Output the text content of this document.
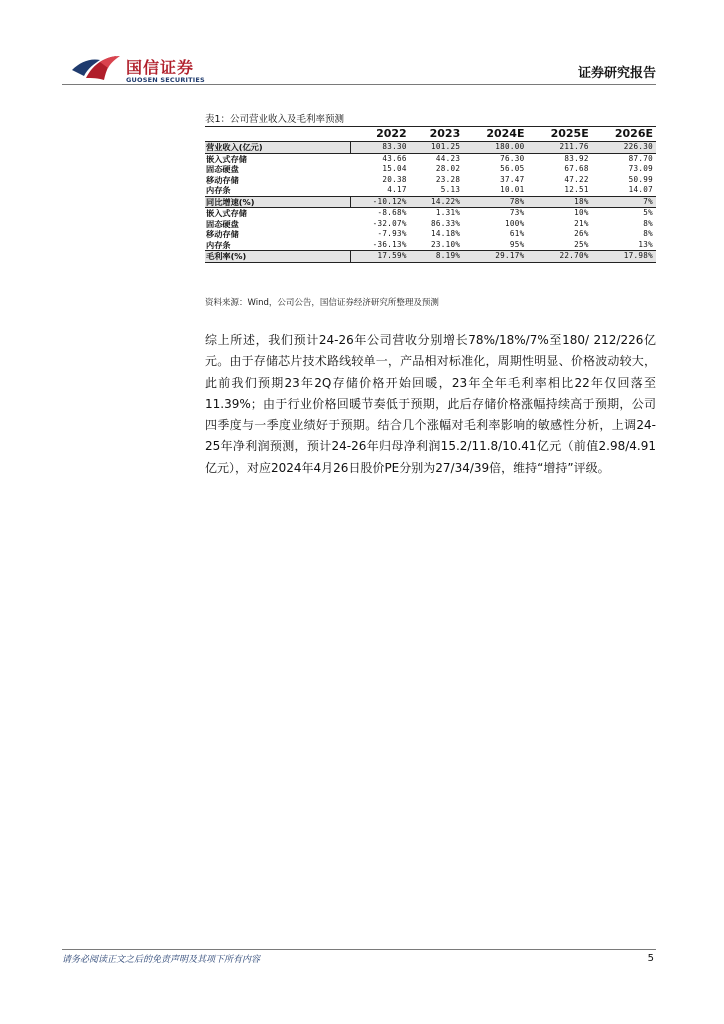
国信证券
GUOSEN SECURITIES	证券研究报告
表1：公司营业收入及毛利率预测
	2022	2023	2024E	2025E	2026E
营业收入(亿元)	83.30	101.25	180.00	211.76	226.30
嵌入式存储	43.66	44.23	76.30	83.92	87.70
固态硬盘	15.04	28.02	56.05	67.68	73.09
移动存储	20.38	23.28	37.47	47.22	50.99
内存条	4.17	5.13	10.01	12.51	14.07
同比增速(%)	-10.12%	14.22%	78%	18%	7%
嵌入式存储	-8.68%	1.31%	73%	10%	5%
固态硬盘	-32.07%	86.33%	100%	21%	8%
移动存储	-7.93%	14.18%	61%	26%	8%
内存条	-36.13%	23.10%	95%	25%	13%
毛利率(%)	17.59%	8.19%	29.17%	22.70%	17.98%
资料来源：Wind，公司公告，国信证券经济研究所整理及预测

综上所述，我们预计24-26年公司营收分别增长78%/18%/7%至180/ 212/226亿元。由于存储芯片技术路线较单一，产品相对标准化，周期性明显、价格波动较大，此前我们预期23年2Q存储价格开始回暖，23年全年毛利率相比22年仅回落至11.39%；由于行业价格回暖节奏低于预期，此后存储价格涨幅持续高于预期，公司四季度与一季度业绩好于预期。结合几个涨幅对毛利率影响的敏感性分析，上调24-25年净利润预测，预计24-26年归母净利润15.2/11.8/10.41亿元（前值2.98/4.91亿元），对应2024年4月26日股价PE分别为27/34/39倍，维持“增持”评级。

请务必阅读正文之后的免责声明及其项下所有内容	5
